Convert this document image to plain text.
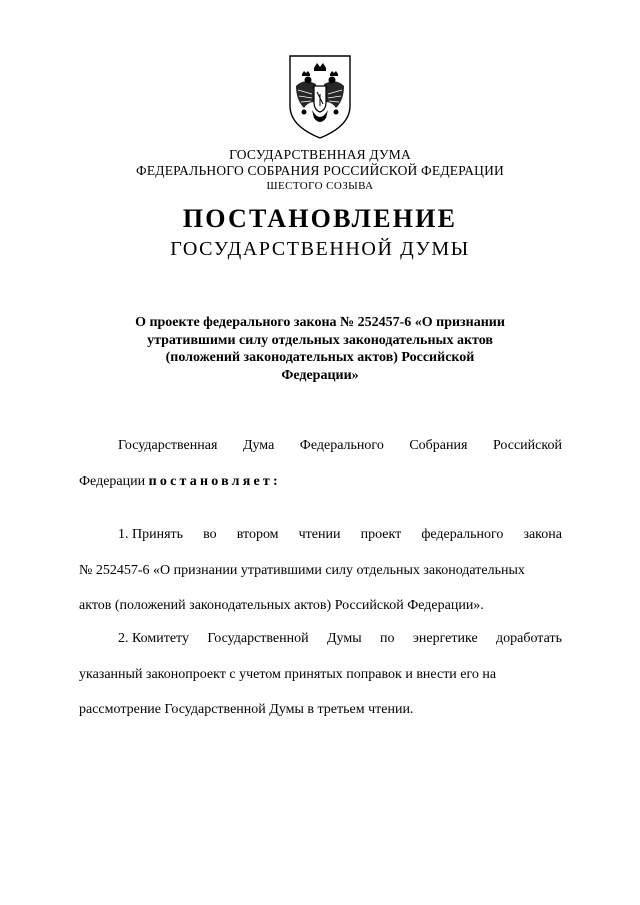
ГОСУДАРСТВЕННАЯ ДУМА
ФЕДЕРАЛЬНОГО СОБРАНИЯ РОССИЙСКОЙ ФЕДЕРАЦИИ
ШЕСТОГО СОЗЫВА
ПОСТАНОВЛЕНИЕ
ГОСУДАРСТВЕННОЙ ДУМЫ
О проекте федерального закона № 252457-6 «О признании
утратившими силу отдельных законодательных актов
(положений законодательных актов) Российской
Федерации»
Государственная Дума Федерального Собрания Российской
Федерации постановляет:
1. Принять во втором чтении проект федерального закона
№ 252457-6 «О признании утратившими силу отдельных законодательных
актов (положений законодательных актов) Российской Федерации».
2. Комитету Государственной Думы по энергетике доработать
указанный законопроект с учетом принятых поправок и внести его на
рассмотрение Государственной Думы в третьем чтении.
